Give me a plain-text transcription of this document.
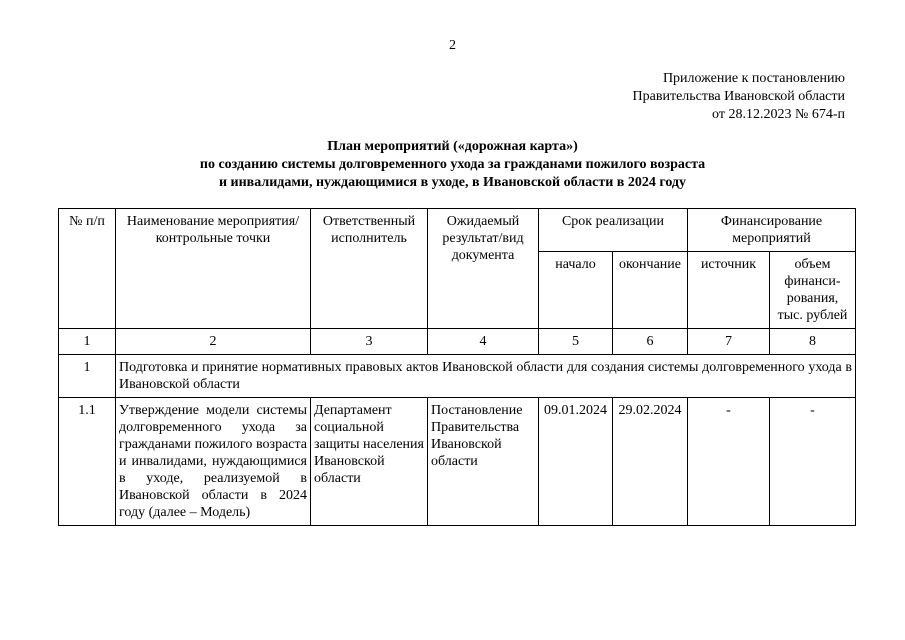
2
Приложение к постановлению
Правительства Ивановской области
от 28.12.2023 № 674-п
План мероприятий («дорожная карта»)
по созданию системы долговременного ухода за гражданами пожилого возраста
и инвалидами, нуждающимися в уходе, в Ивановской области в 2024 году
№ п/п	Наименование мероприятия/контрольные точки	Ответственный исполнитель	Ожидаемый результат/вид документа	Срок реализации		Финансирование мероприятий	
				начало	окончание	источник	объем финанси-рования, тыс. рублей
1	2	3	4	5	6	7	8
1	Подготовка и принятие нормативных правовых актов Ивановской области для создания системы долговременного ухода в Ивановской области						
1.1	Утверждение модели системы долговременного ухода за гражданами пожилого возраста и инвалидами, нуждающимися в уходе, реализуемой в Ивановской области в 2024 году (далее – Модель)	Департамент социальной защиты населения Ивановской области	Постановление Правительства Ивановской области	09.01.2024	29.02.2024	-	-
